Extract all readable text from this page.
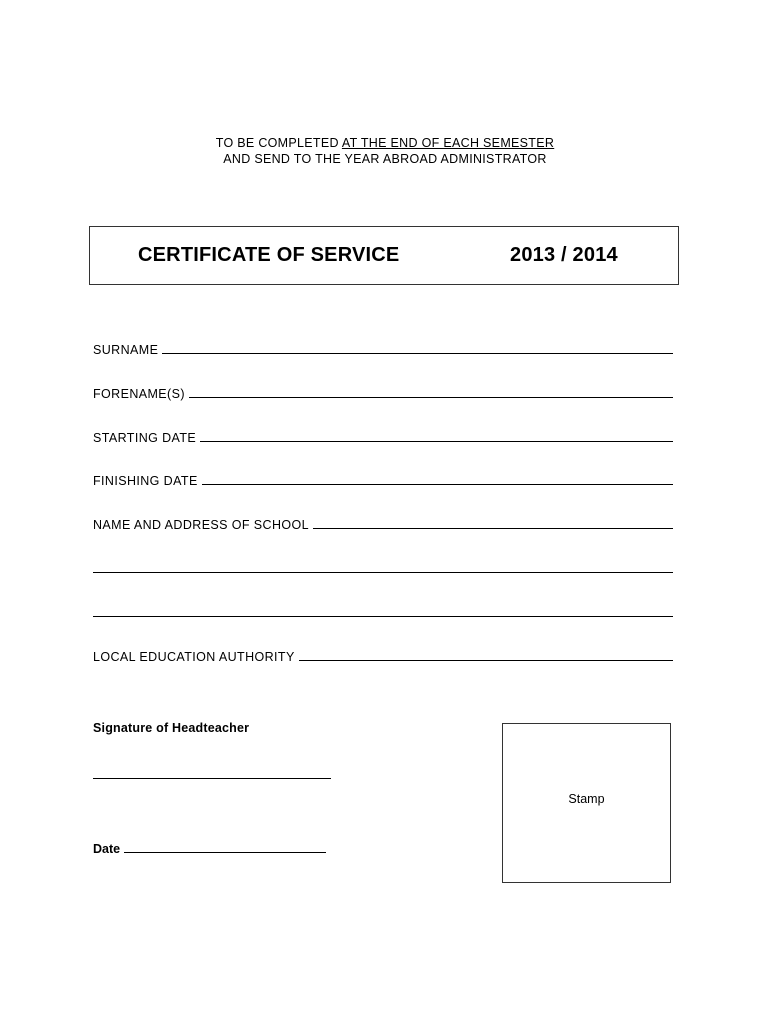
TO BE COMPLETED AT THE END OF EACH SEMESTER
AND SEND TO THE YEAR ABROAD ADMINISTRATOR
CERTIFICATE OF SERVICE	2013 / 2014
SURNAME
FORENAME(S)
STARTING DATE
FINISHING DATE
NAME AND ADDRESS OF SCHOOL
LOCAL EDUCATION AUTHORITY
Signature of Headteacher
Date
Stamp
